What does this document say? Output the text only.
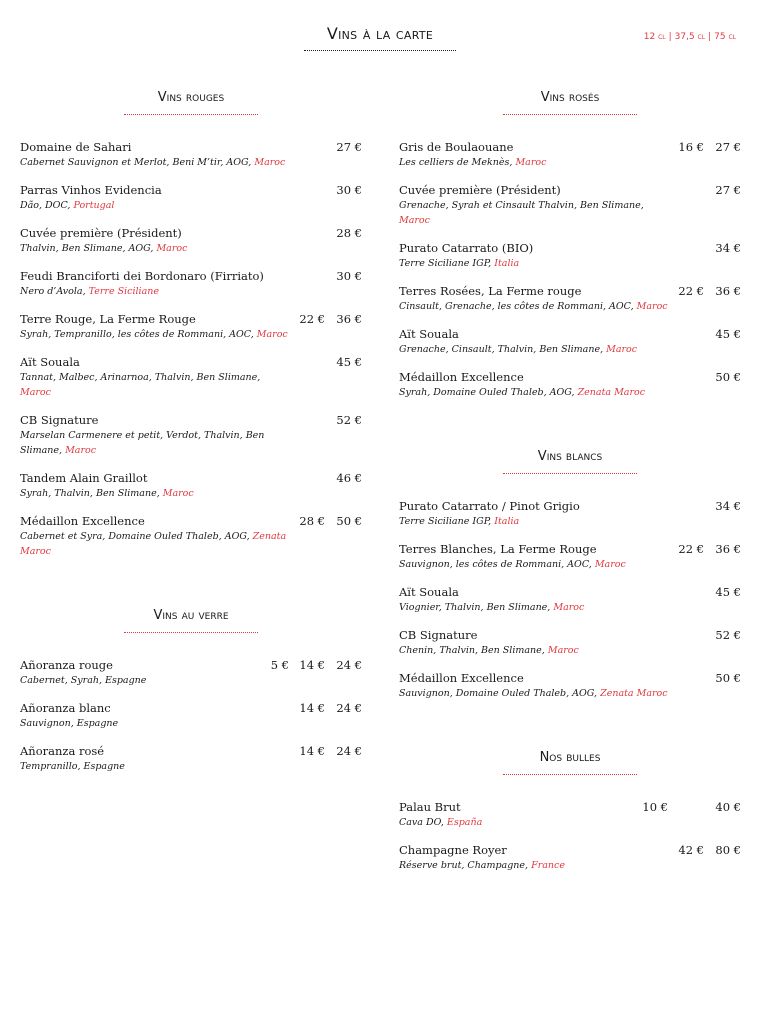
Vins à la carte	12 cl | 37,5 cl | 75 cl
Vins rouges
Domaine de Sahari
Cabernet Sauvignon et Merlot, Beni M’tir, AOG, Maroc
27 €
Parras Vinhos Evidencia
Dão, DOC, Portugal
30 €
Cuvée première (Président)
Thalvin, Ben Slimane, AOG, Maroc
28 €
Feudi Branciforti dei Bordonaro (Firriato)
Nero d’Avola, Terre Siciliane
30 €
Terre Rouge, La Ferme Rouge
Syrah, Tempranillo, les côtes de Rommani, AOC, Maroc
22 € 36 €
Aït Souala
Tannat, Malbec, Arinarnoa, Thalvin, Ben Slimane, Maroc
45 €
CB Signature
Marselan Carmenere et petit, Verdot, Thalvin, Ben Slimane, Maroc
52 €
Tandem Alain Graillot
Syrah, Thalvin, Ben Slimane, Maroc
46 €
Médaillon Excellence
Cabernet et Syra, Domaine Ouled Thaleb, AOG, Zenata Maroc
28 € 50 €
Vins au verre
Añoranza rouge
Cabernet, Syrah, Espagne
5 € 14 € 24 €
Añoranza blanc
Sauvignon, Espagne
14 € 24 €
Añoranza rosé
Tempranillo, Espagne
14 € 24 €
Vins rosés
Gris de Boulaouane
Les celliers de Meknès, Maroc
16 € 27 €
Cuvée première (Président)
Grenache, Syrah et Cinsault Thalvin, Ben Slimane, Maroc
27 €
Purato Catarrato (BIO)
Terre Siciliane IGP, Italia
34 €
Terres Rosées, La Ferme rouge
Cinsault, Grenache, les côtes de Rommani, AOC, Maroc
22 € 36 €
Aït Souala
Grenache, Cinsault, Thalvin, Ben Slimane, Maroc
45 €
Médaillon Excellence
Syrah, Domaine Ouled Thaleb, AOG, Zenata Maroc
50 €
Vins blancs
Purato Catarrato / Pinot Grigio
Terre Siciliane IGP, Italia
34 €
Terres Blanches, La Ferme Rouge
Sauvignon, les côtes de Rommani, AOC, Maroc
22 € 36 €
Aït Souala
Viognier, Thalvin, Ben Slimane, Maroc
45 €
CB Signature
Chenin, Thalvin, Ben Slimane, Maroc
52 €
Médaillon Excellence
Sauvignon, Domaine Ouled Thaleb, AOG, Zenata Maroc
50 €
Nos bulles
Palau Brut
Cava DO, España
10 €	40 €
Champagne Royer
Réserve brut, Champagne, France
42 € 80 €
